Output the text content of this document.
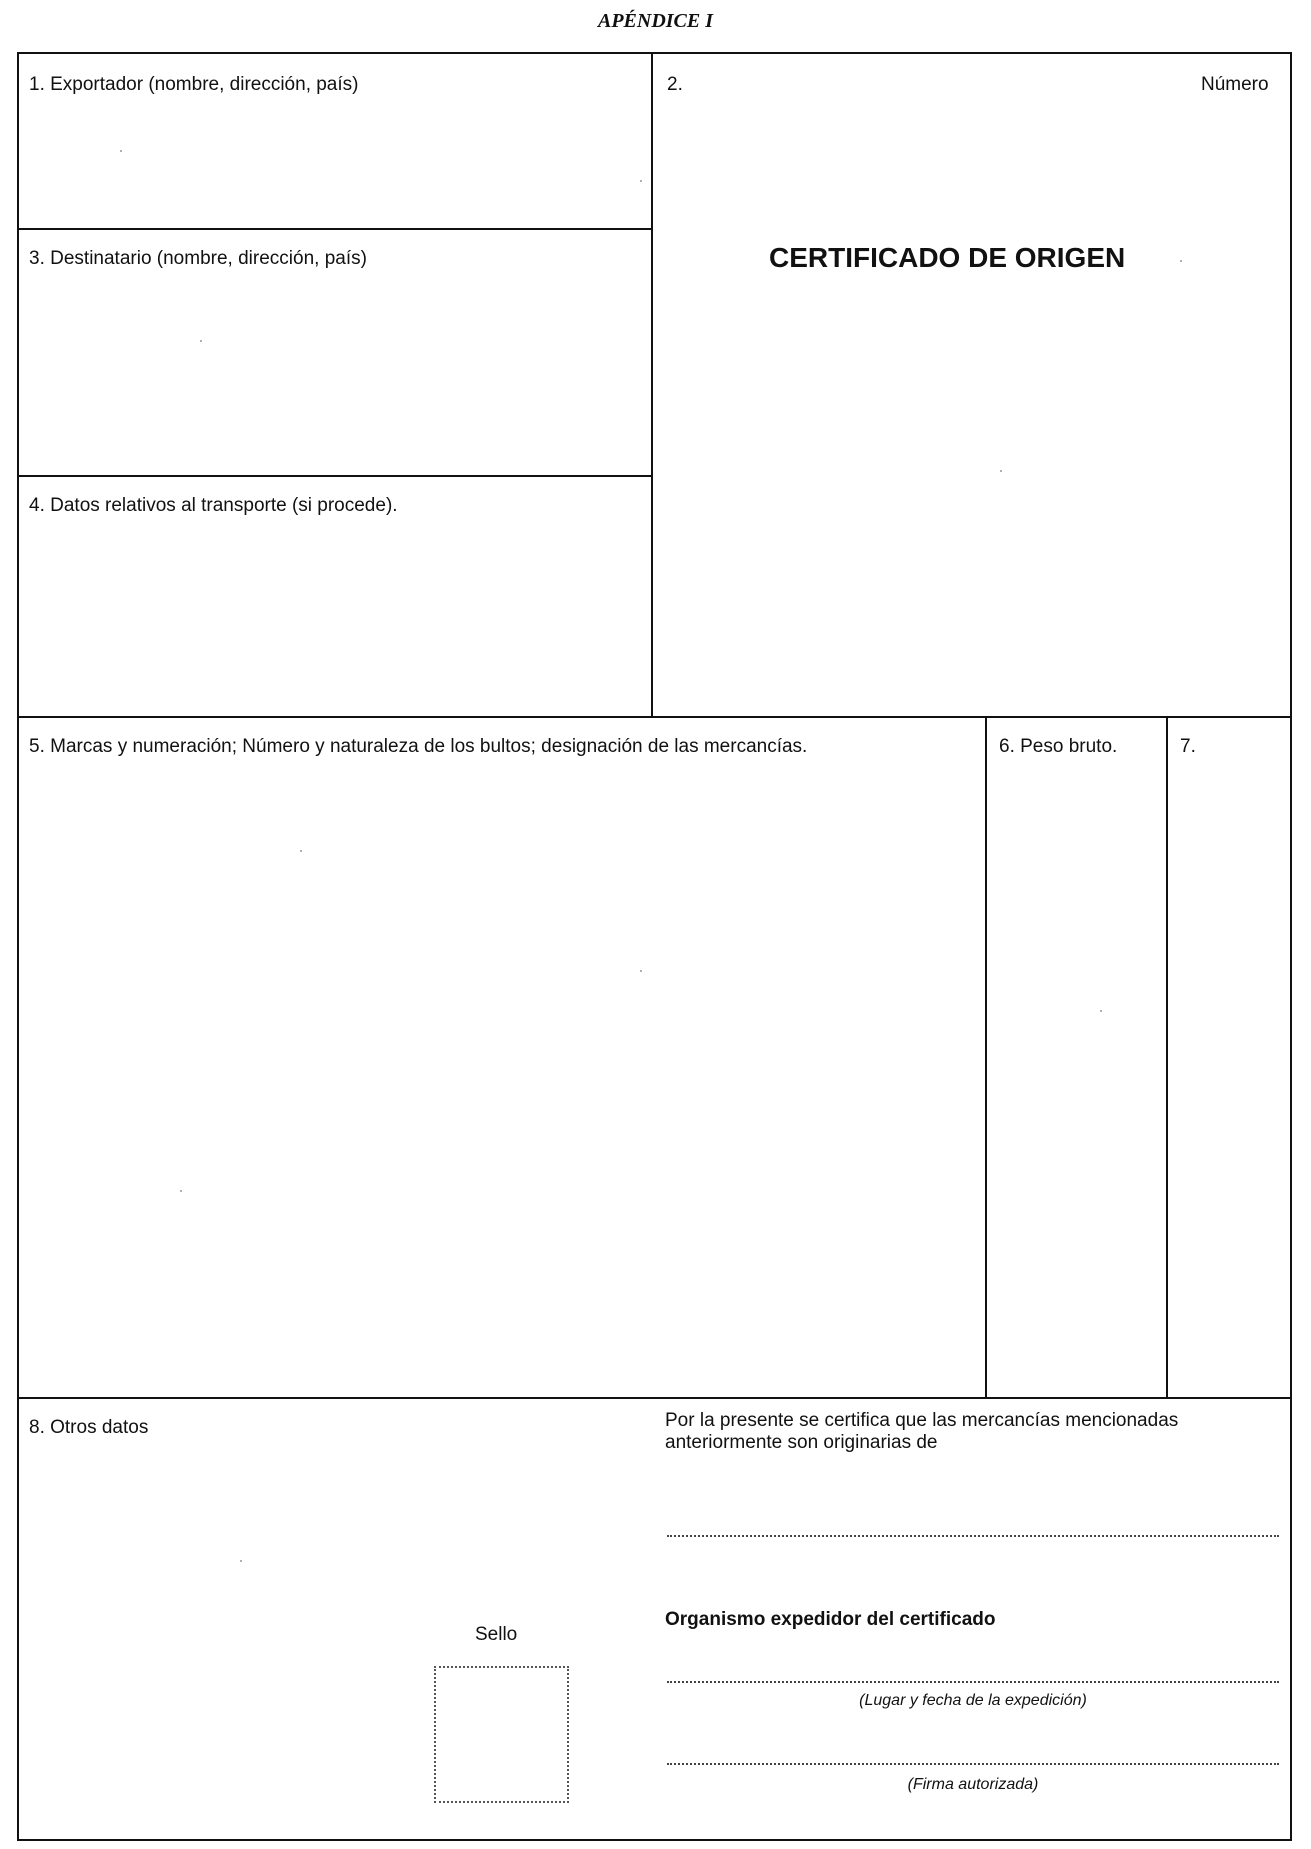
APÉNDICE I
1. Exportador (nombre, dirección, país)	2.	Número
CERTIFICADO DE ORIGEN
3. Destinatario (nombre, dirección, país)
4. Datos relativos al transporte (si procede).
5. Marcas y numeración; Número y naturaleza de los bultos; designación de las mercancías.	6. Peso bruto.	7.
8. Otros datos
Sello
Por la presente se certifica que las mercancías mencionadas
anteriormente son originarias de
Organismo expedidor del certificado
(Lugar y fecha de la expedición)
(Firma autorizada)
